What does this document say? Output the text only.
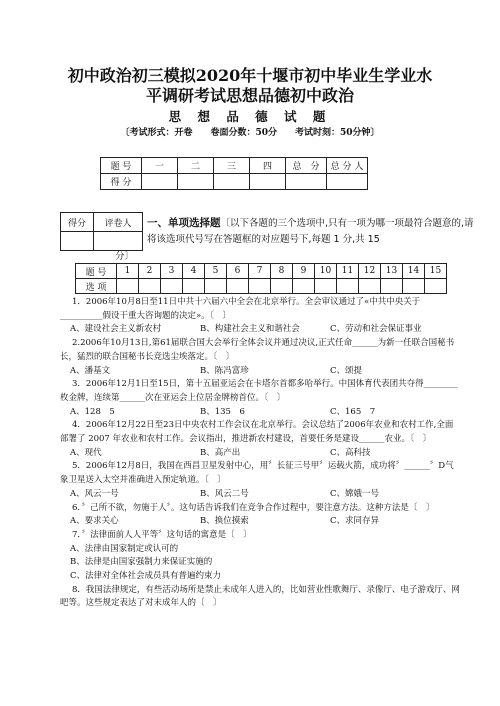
初中政治初三模拟2020年十堰市初中毕业生学业水
平调研考试思想品德初中政治
思 想 品 德 试 题
〔考试形式：开卷　　卷面分数：50分　　考试时刻：50分钟〕
题 号	一	二	三	四	总　分	总 分 人
得 分						
得分	评卷人
	一、单项选择题〔以下各题的三个选项中,只有一项为哪一项最符合题意的,请将该选项代号写在答题框的对应题号下,每题 1 分,共 15
分〕
题 号	1	2	3	4	5	6	7	8	9	10	11	12	13	14	15
选 项															
1．2006年10月8日至11日中共十六届六中全会在北京举行。全会审议通过了«中共中央关于__________假设干重大咨询题的决定»。〔　〕
A、建设社会主义新农村	B、构建社会主义和谐社会	C、劳动和社会保证事业
2.2006年10月13日,第61届联合国大会举行全体会议并通过决议,正式任命______为新一任联合国秘书长，猛烈的联合国秘书长竞选尘埃落定。〔　〕
A、潘基文	B、陈冯富珍	C、颂提
3．2006年12月1日至15日，第十五届亚运会在卡塔尔首都多哈举行。中国体育代表团共夺得________枚金牌，连续第______次在亚运会上位居金牌榜首位。〔　〕
A、128　5	B、135　6	C、165　7
4．2006年12月22日至23日中央农村工作会议在北京举行。会议总结了2006年农业和农村工作,全面部署了 2007 年农业和农村工作。会议指出，推进新农村建设，首要任务是建设______农业。〔　〕
A、现代	B、高产出	C、高科技
5．2006年12月8日，我国在西昌卫星发射中心，用〞长征三号甲〞运载火箭，成功将〞______〞D气象卫星送入太空并准确进入预定轨道。〔　〕
A、风云一号	B、风云二号	C、嫦娥一号
6．〞己所不欲，勿施于人〞。这句话告诉我们在竞争合作过程中，要注意方法。这种方法是〔　〕
A、要求关心	B、换位摸索	C、求同存异
7．〞法律面前人人平等〞这句话的寓意是〔　〕
A、法律由国家制定或认可的
B、法律是由国家强制力来保证实施的
C、法律对全体社会成员具有普遍约束力
8．我国法律规定，有些活动场所是禁止未成年人进入的，比如营业性歌舞厅、录像厅、电子游戏厅、网吧等。这些规定表达了对未成年人的〔　〕
